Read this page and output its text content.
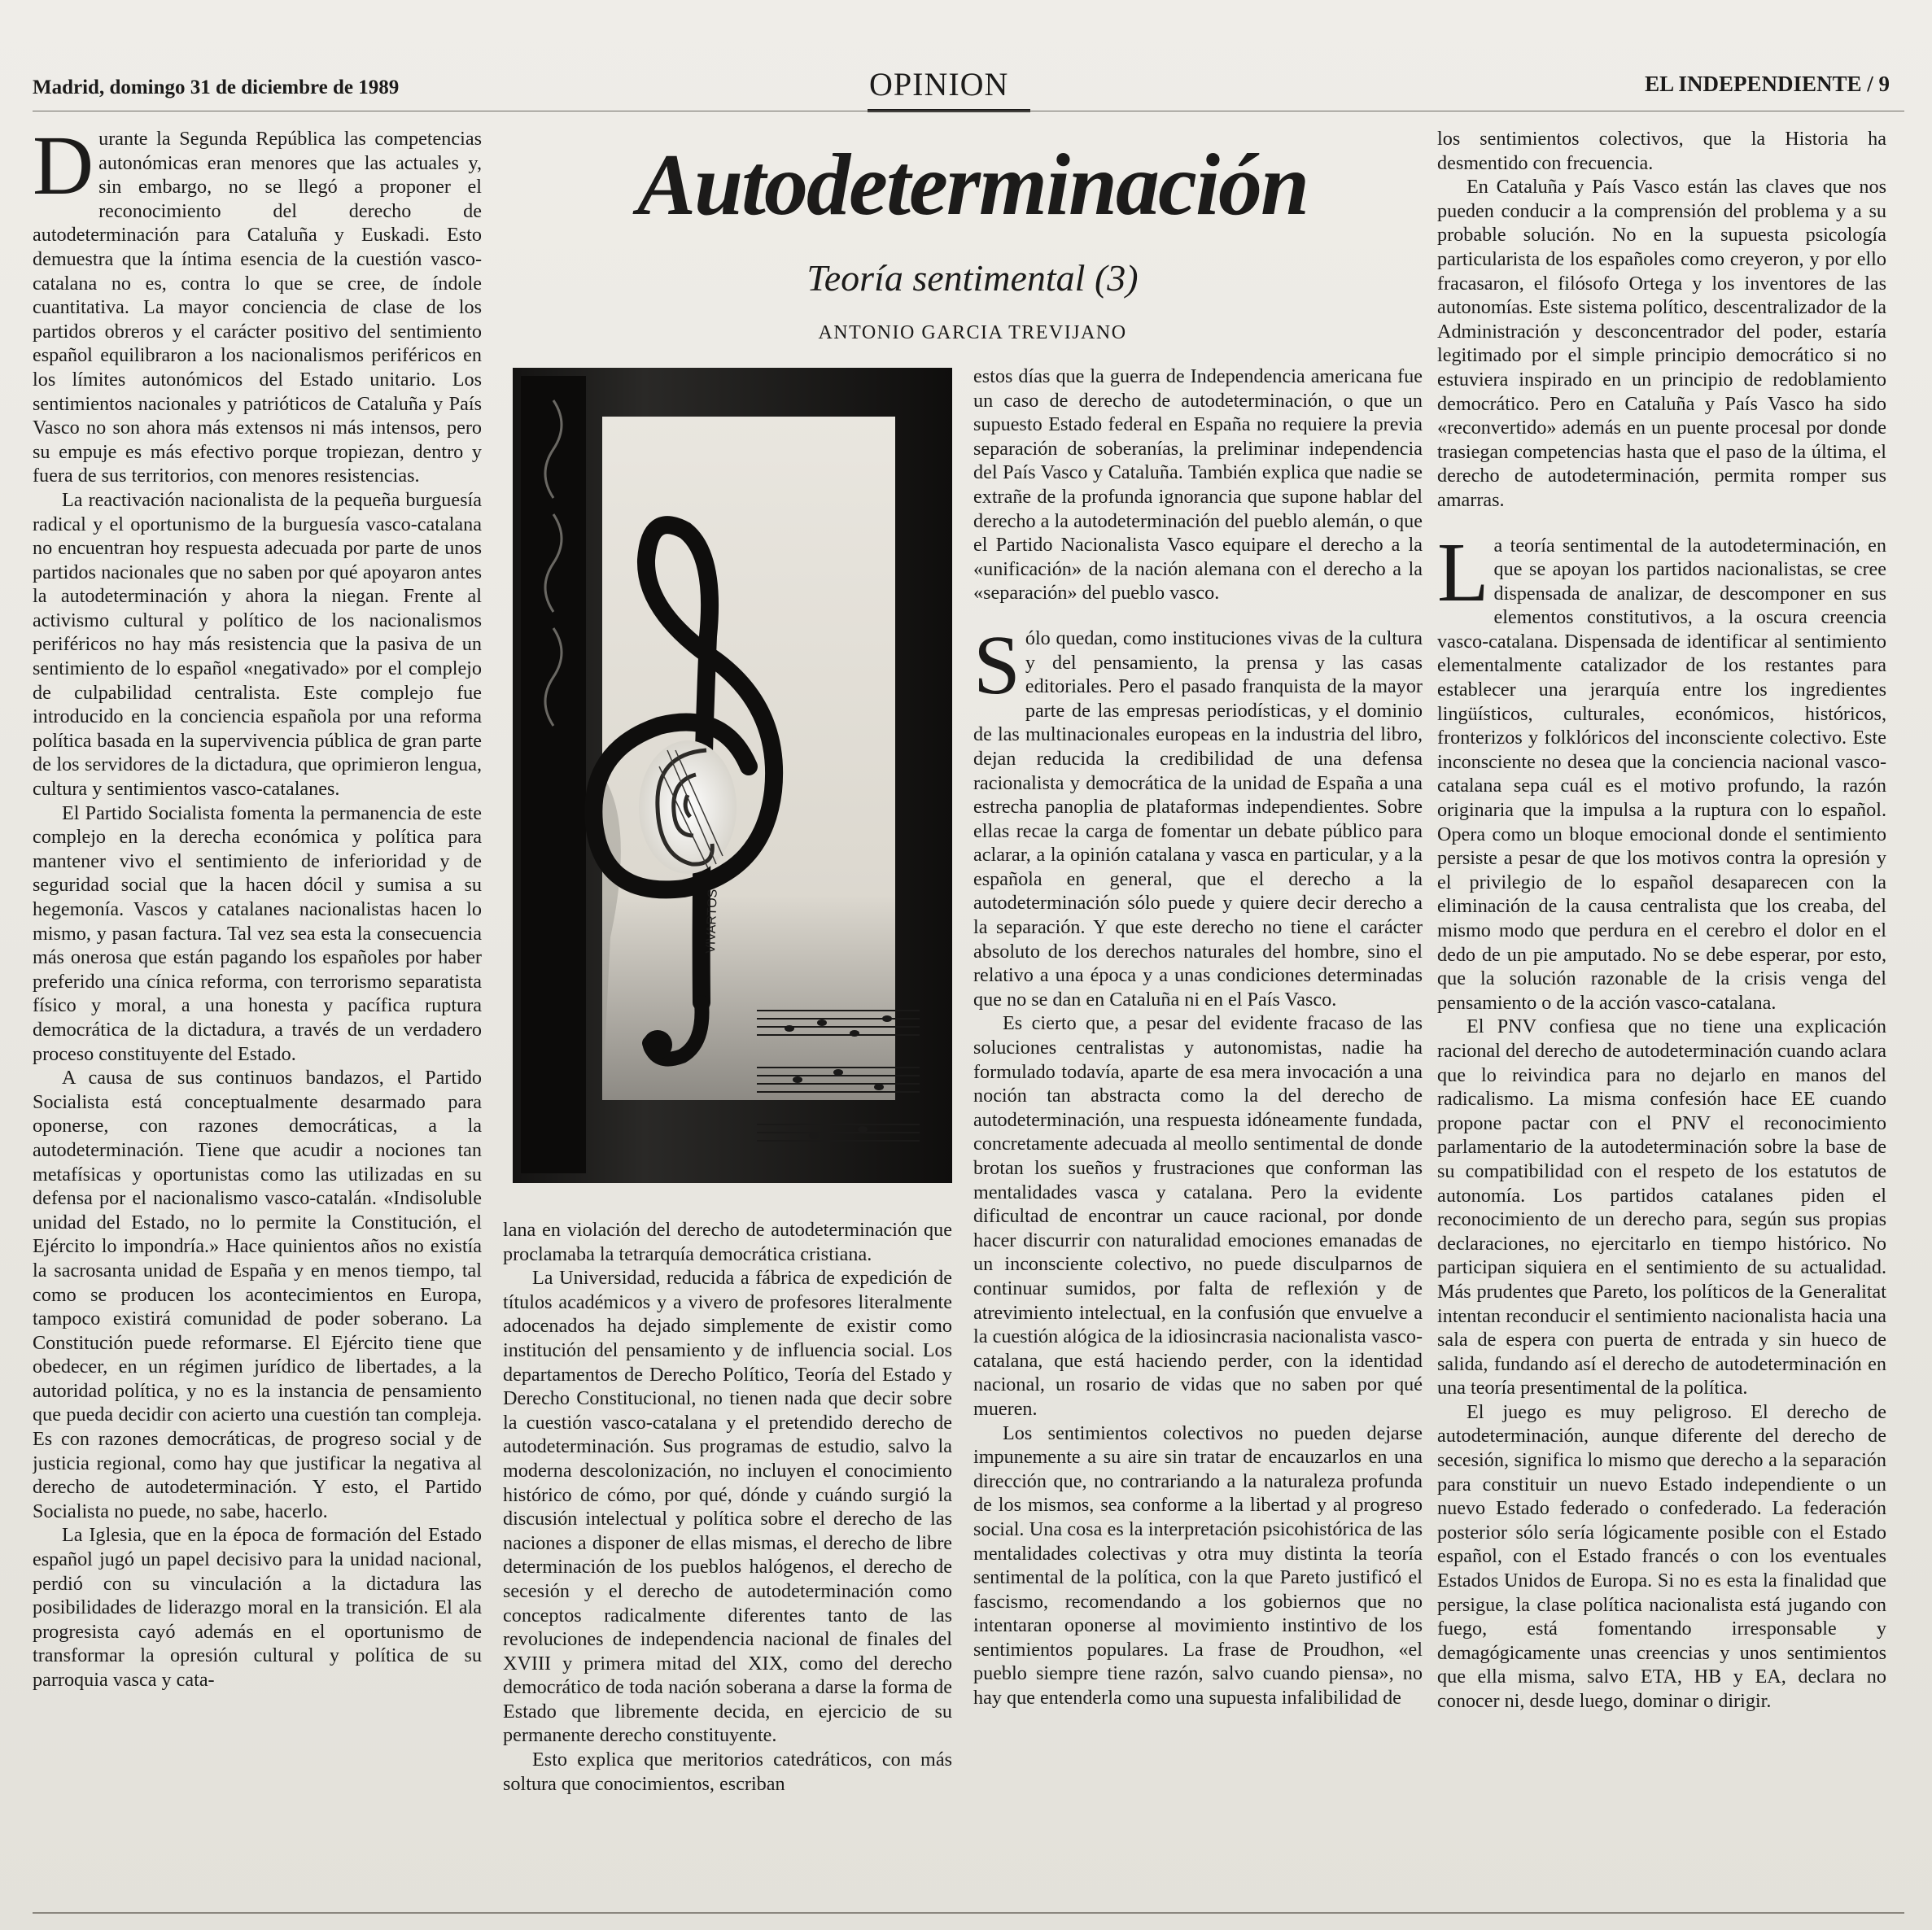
Madrid, domingo 31 de diciembre de 1989	OPINION	EL INDEPENDIENTE / 9
Autodeterminación
Teoría sentimental (3)
ANTONIO GARCIA TREVIJANO

Durante la Segunda República las competencias autonómicas eran menores que las actuales y, sin embargo, no se llegó a proponer el reconocimiento del derecho de autodeterminación para Cataluña y Euskadi. Esto demuestra que la íntima esencia de la cuestión vasco-catalana no es, contra lo que se cree, de índole cuantitativa. La mayor conciencia de clase de los partidos obreros y el carácter positivo del sentimiento español equilibraron a los nacionalismos periféricos en los límites autonómicos del Estado unitario. Los sentimientos nacionales y patrióticos de Cataluña y País Vasco no son ahora más extensos ni más intensos, pero su empuje es más efectivo porque tropiezan, dentro y fuera de sus territorios, con menores resistencias.

La reactivación nacionalista de la pequeña burguesía radical y el oportunismo de la burguesía vasco-catalana no encuentran hoy respuesta adecuada por parte de unos partidos nacionales que no saben por qué apoyaron antes la autodeterminación y ahora la niegan. Frente al activismo cultural y político de los nacionalismos periféricos no hay más resistencia que la pasiva de un sentimiento de lo español «negativado» por el complejo de culpabilidad centralista. Este complejo fue introducido en la conciencia española por una reforma política basada en la supervivencia pública de gran parte de los servidores de la dictadura, que oprimieron lengua, cultura y sentimientos vasco-catalanes.

El Partido Socialista fomenta la permanencia de este complejo en la derecha económica y política para mantener vivo el sentimiento de inferioridad y de seguridad social que la hacen dócil y sumisa a su hegemonía. Vascos y catalanes nacionalistas hacen lo mismo, y pasan factura. Tal vez sea esta la consecuencia más onerosa que están pagando los españoles por haber preferido una cínica reforma, con terrorismo separatista físico y moral, a una honesta y pacífica ruptura democrática de la dictadura, a través de un verdadero proceso constituyente del Estado.

A causa de sus continuos bandazos, el Partido Socialista está conceptualmente desarmado para oponerse, con razones democráticas, a la autodeterminación. Tiene que acudir a nociones tan metafísicas y oportunistas como las utilizadas en su defensa por el nacionalismo vasco-catalán. «Indisoluble unidad del Estado, no lo permite la Constitución, el Ejército lo impondría.» Hace quinientos años no existía la sacrosanta unidad de España y en menos tiempo, tal como se producen los acontecimientos en Europa, tampoco existirá comunidad de poder soberano. La Constitución puede reformarse. El Ejército tiene que obedecer, en un régimen jurídico de libertades, a la autoridad política, y no es la instancia de pensamiento que pueda decidir con acierto una cuestión tan compleja. Es con razones democráticas, de progreso social y de justicia regional, como hay que justificar la negativa al derecho de autodeterminación. Y esto, el Partido Socialista no puede, no sabe, hacerlo.

La Iglesia, que en la época de formación del Estado español jugó un papel decisivo para la unidad nacional, perdió con su vinculación a la dictadura las posibilidades de liderazgo moral en la transición. El ala progresista cayó además en el oportunismo de transformar la opresión cultural y política de su parroquia vasca y cata-

lana en violación del derecho de autodeterminación que proclamaba la tetrarquía democrática cristiana.

La Universidad, reducida a fábrica de expedición de títulos académicos y a vivero de profesores literalmente adocenados ha dejado simplemente de existir como institución del pensamiento y de influencia social. Los departamentos de Derecho Político, Teoría del Estado y Derecho Constitucional, no tienen nada que decir sobre la cuestión vasco-catalana y el pretendido derecho de autodeterminación. Sus programas de estudio, salvo la moderna descolonización, no incluyen el conocimiento histórico de cómo, por qué, dónde y cuándo surgió la discusión intelectual y política sobre el derecho de las naciones a disponer de ellas mismas, el derecho de libre determinación de los pueblos halógenos, el derecho de secesión y el derecho de autodeterminación como conceptos radicalmente diferentes tanto de las revoluciones de independencia nacional de finales del XVIII y primera mitad del XIX, como del derecho democrático de toda nación soberana a darse la forma de Estado que libremente decida, en ejercicio de su permanente derecho constituyente.

Esto explica que meritorios catedráticos, con más soltura que conocimientos, escriban

estos días que la guerra de Independencia americana fue un caso de derecho de autodeterminación, o que un supuesto Estado federal en España no requiere la previa separación de soberanías, la preliminar independencia del País Vasco y Cataluña. También explica que nadie se extrañe de la profunda ignorancia que supone hablar del derecho a la autodeterminación del pueblo alemán, o que el Partido Nacionalista Vasco equipare el derecho a la «unificación» de la nación alemana con el derecho a la «separación» del pueblo vasco.

Sólo quedan, como instituciones vivas de la cultura y del pensamiento, la prensa y las casas editoriales. Pero el pasado franquista de la mayor parte de las empresas periodísticas, y el dominio de las multinacionales europeas en la industria del libro, dejan reducida la credibilidad de una defensa racionalista y democrática de la unidad de España a una estrecha panoplia de plataformas independientes. Sobre ellas recae la carga de fomentar un debate público para aclarar, a la opinión catalana y vasca en particular, y a la española en general, que el derecho a la autodeterminación sólo puede y quiere decir derecho a la separación. Y que este derecho no tiene el carácter absoluto de los derechos naturales del hombre, sino el relativo a una época y a unas condiciones determinadas que no se dan en Cataluña ni en el País Vasco.

Es cierto que, a pesar del evidente fracaso de las soluciones centralistas y autonomistas, nadie ha formulado todavía, aparte de esa mera invocación a una noción tan abstracta como la del derecho de autodeterminación, una respuesta idóneamente fundada, concretamente adecuada al meollo sentimental de donde brotan los sueños y frustraciones que conforman las mentalidades vasca y catalana. Pero la evidente dificultad de encontrar un cauce racional, por donde hacer discurrir con naturalidad emociones emanadas de un inconsciente colectivo, no puede disculparnos de continuar sumidos, por falta de reflexión y de atrevimiento intelectual, en la confusión que envuelve a la cuestión alógica de la idiosincrasia nacionalista vasco-catalana, que está haciendo perder, con la identidad nacional, un rosario de vidas que no saben por qué mueren.

Los sentimientos colectivos no pueden dejarse impunemente a su aire sin tratar de encauzarlos en una dirección que, no contrariando a la naturaleza profunda de los mismos, sea conforme a la libertad y al progreso social. Una cosa es la interpretación psicohistórica de las mentalidades colectivas y otra muy distinta la teoría sentimental de la política, con la que Pareto justificó el fascismo, recomendando a los gobiernos que no intentaran oponerse al movimiento instintivo de los sentimientos populares. La frase de Proudhon, «el pueblo siempre tiene razón, salvo cuando piensa», no hay que entenderla como una supuesta infalibilidad de

los sentimientos colectivos, que la Historia ha desmentido con frecuencia.

En Cataluña y País Vasco están las claves que nos pueden conducir a la comprensión del problema y a su probable solución. No en la supuesta psicología particularista de los españoles como creyeron, y por ello fracasaron, el filósofo Ortega y los inventores de las autonomías. Este sistema político, descentralizador de la Administración y desconcentrador del poder, estaría legitimado por el simple principio democrático si no estuviera inspirado en un principio de redoblamiento democrático. Pero en Cataluña y País Vasco ha sido «reconvertido» además en un puente procesal por donde trasiegan competencias hasta que el paso de la última, el derecho de autodeterminación, permita romper sus amarras.

La teoría sentimental de la autodeterminación, en que se apoyan los partidos nacionalistas, se cree dispensada de analizar, de descomponer en sus elementos constitutivos, a la oscura creencia vasco-catalana. Dispensada de identificar al sentimiento elementalmente catalizador de los restantes para establecer una jerarquía entre los ingredientes lingüísticos, culturales, económicos, históricos, fronterizos y folklóricos del inconsciente colectivo. Este inconsciente no desea que la conciencia nacional vasco-catalana sepa cuál es el motivo profundo, la razón originaria que la impulsa a la ruptura con lo español. Opera como un bloque emocional donde el sentimiento persiste a pesar de que los motivos contra la opresión y el privilegio de lo español desaparecen con la eliminación de la causa centralista que los creaba, del mismo modo que perdura en el cerebro el dolor en el dedo de un pie amputado. No se debe esperar, por esto, que la solución razonable de la crisis venga del pensamiento o de la acción vasco-catalana.

El PNV confiesa que no tiene una explicación racional del derecho de autodeterminación cuando aclara que lo reivindica para no dejarlo en manos del radicalismo. La misma confesión hace EE cuando propone pactar con el PNV el reconocimiento parlamentario de la autodeterminación sobre la base de su compatibilidad con el respeto de los estatutos de autonomía. Los partidos catalanes piden el reconocimiento de un derecho para, según sus propias declaraciones, no ejercitarlo en tiempo histórico. No participan siquiera en el sentimiento de su actualidad. Más prudentes que Pareto, los políticos de la Generalitat intentan reconducir el sentimiento nacionalista hacia una sala de espera con puerta de entrada y sin hueco de salida, fundando así el derecho de autodeterminación en una teoría presentimental de la política.

El juego es muy peligroso. El derecho de autodeterminación, aunque diferente del derecho de secesión, significa lo mismo que derecho a la separación para constituir un nuevo Estado independiente o un nuevo Estado federado o confederado. La federación posterior sólo sería lógicamente posible con el Estado español, con el Estado francés o con los eventuales Estados Unidos de Europa. Si no es esta la finalidad que persigue, la clase política nacionalista está jugando con fuego, está fomentando irresponsable y demagógicamente unas creencias y unos sentimientos que ella misma, salvo ETA, HB y EA, declara no conocer ni, desde luego, dominar o dirigir.

VIVARTOS
